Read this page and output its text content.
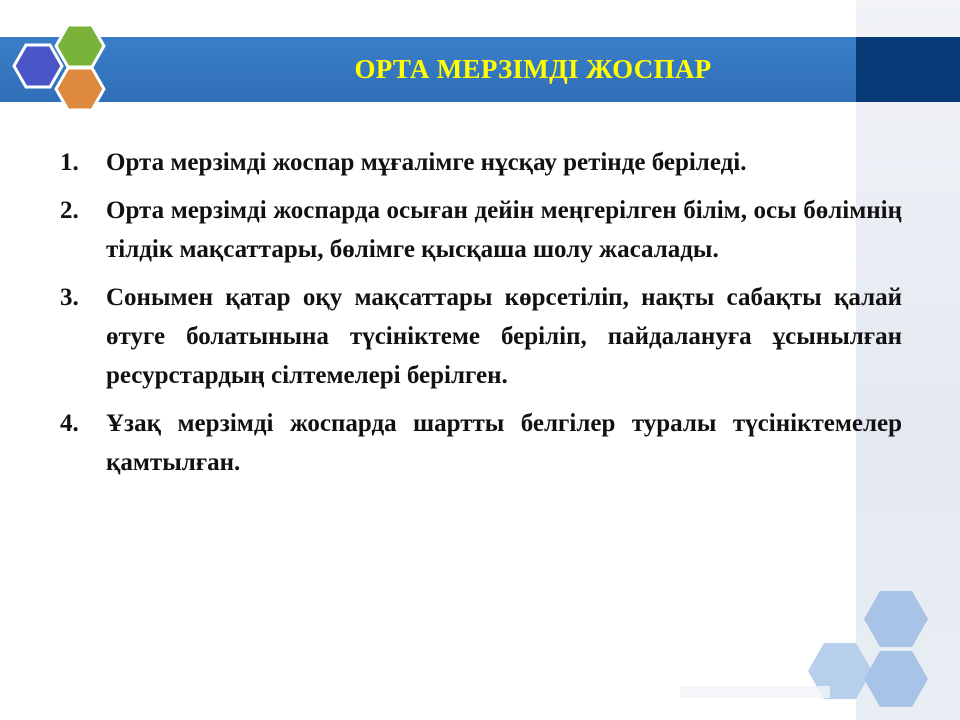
ОРТА МЕРЗІМДІ ЖОСПАР
1. Орта мерзімді жоспар мұғалімге нұсқау ретінде беріледі.
2. Орта мерзімді жоспарда осыған дейін меңгерілген білім, осы бөлімнің тілдік мақсаттары, бөлімге қысқаша шолу жасалады.
3. Сонымен қатар оқу мақсаттары көрсетіліп, нақты сабақты қалай өтуге болатынына түсініктеме беріліп, пайдалануға ұсынылған ресурстардың сілтемелері берілген.
4. Ұзақ мерзімді жоспарда шартты белгілер туралы түсініктемелер қамтылған.
